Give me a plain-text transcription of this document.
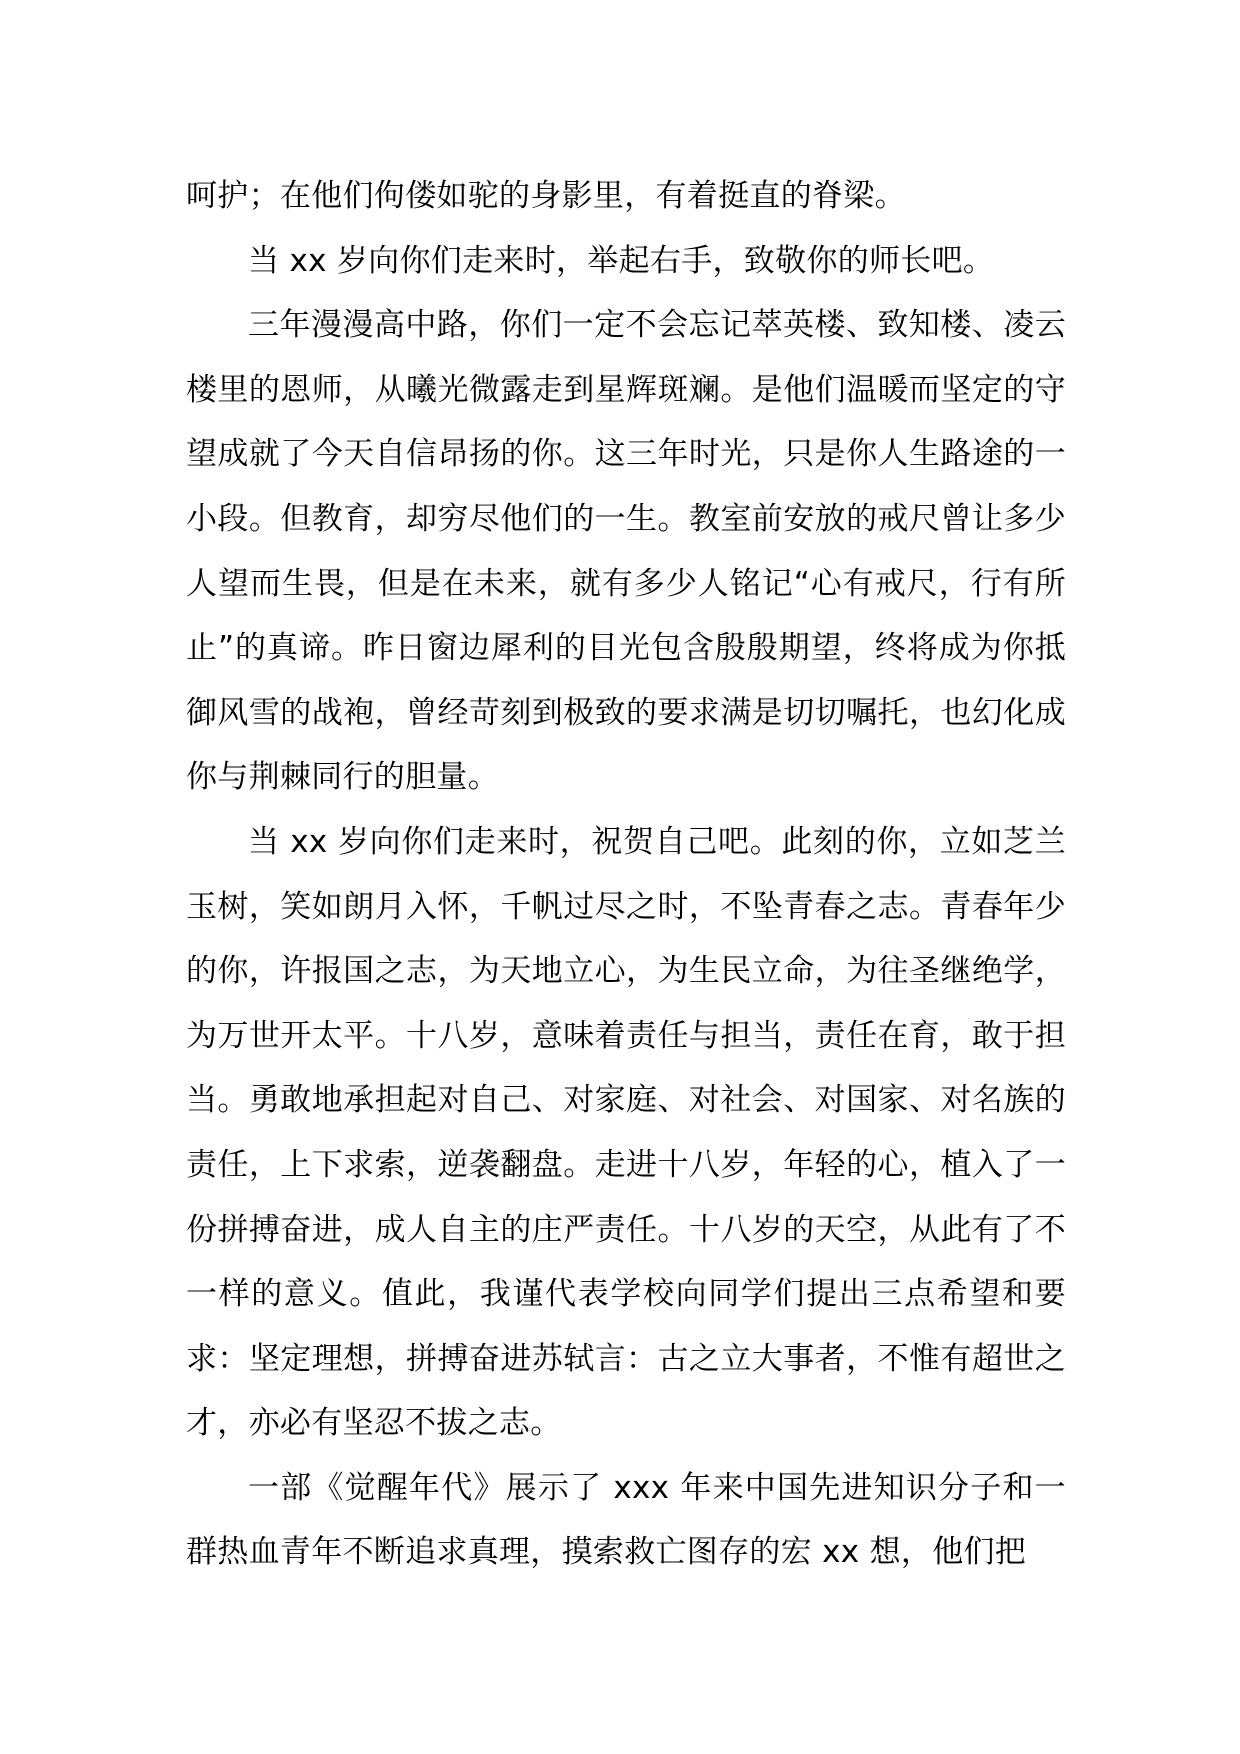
呵护；在他们佝偻如驼的身影里，有着挺直的脊梁。

当 xx 岁向你们走来时，举起右手，致敬你的师长吧。

三年漫漫高中路，你们一定不会忘记萃英楼、致知楼、凌云楼里的恩师，从曦光微露走到星辉斑斓。是他们温暖而坚定的守望成就了今天自信昂扬的你。这三年时光，只是你人生路途的一小段。但教育，却穷尽他们的一生。教室前安放的戒尺曾让多少人望而生畏，但是在未来，就有多少人铭记“心有戒尺，行有所止”的真谛。昨日窗边犀利的目光包含殷殷期望，终将成为你抵御风雪的战袍，曾经苛刻到极致的要求满是切切嘱托，也幻化成你与荆棘同行的胆量。

当 xx 岁向你们走来时，祝贺自己吧。此刻的你，立如芝兰玉树，笑如朗月入怀，千帆过尽之时，不坠青春之志。青春年少的你，许报国之志，为天地立心，为生民立命，为往圣继绝学，为万世开太平。十八岁，意味着责任与担当，责任在育，敢于担当。勇敢地承担起对自己、对家庭、对社会、对国家、对名族的责任，上下求索，逆袭翻盘。走进十八岁，年轻的心，植入了一份拼搏奋进，成人自主的庄严责任。十八岁的天空，从此有了不一样的意义。值此，我谨代表学校向同学们提出三点希望和要求：坚定理想，拼搏奋进苏轼言：古之立大事者，不惟有超世之才，亦必有坚忍不拔之志。

一部《觉醒年代》展示了 xxx 年来中国先进知识分子和一群热血青年不断追求真理，摸索救亡图存的宏 xx 想，他们把
